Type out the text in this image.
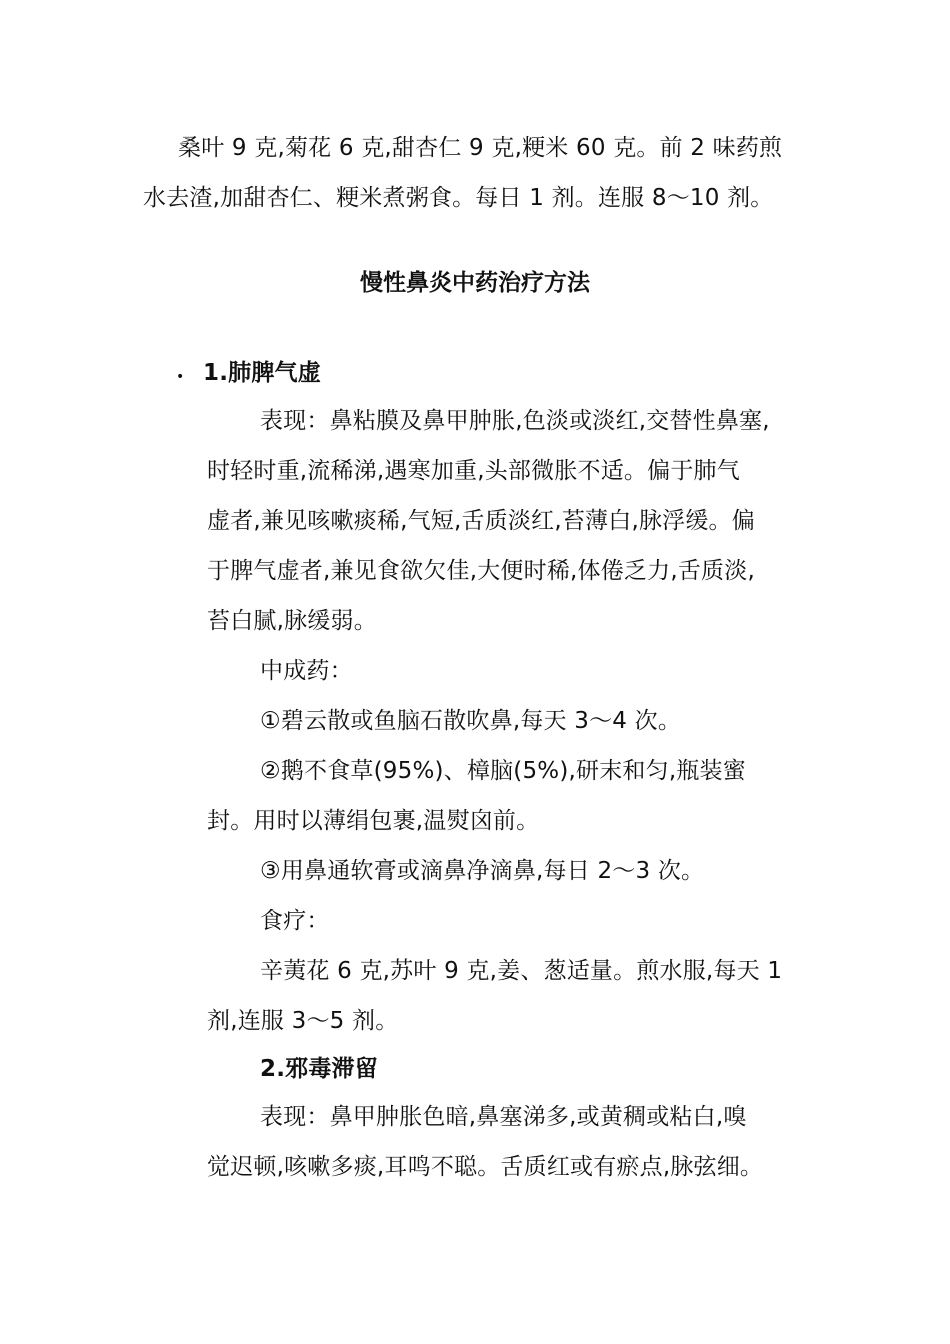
桑叶 9 克,菊花 6 克,甜杏仁 9 克,粳米 60 克。前 2 味药煎
水去渣,加甜杏仁、粳米煮粥食。每日 1 剂。连服 8～10 剂。
慢性鼻炎中药治疗方法
• 1.肺脾气虚
表现：鼻粘膜及鼻甲肿胀,色淡或淡红,交替性鼻塞,
时轻时重,流稀涕,遇寒加重,头部微胀不适。偏于肺气
虚者,兼见咳嗽痰稀,气短,舌质淡红,苔薄白,脉浮缓。偏
于脾气虚者,兼见食欲欠佳,大便时稀,体倦乏力,舌质淡,
苔白腻,脉缓弱。
中成药：
①碧云散或鱼脑石散吹鼻,每天 3～4 次。
②鹅不食草(95%)、樟脑(5%),研末和匀,瓶装蜜
封。用时以薄绢包裹,温熨囟前。
③用鼻通软膏或滴鼻净滴鼻,每日 2～3 次。
食疗：
辛荑花 6 克,苏叶 9 克,姜、葱适量。煎水服,每天 1
剂,连服 3～5 剂。
2.邪毒滞留
表现：鼻甲肿胀色暗,鼻塞涕多,或黄稠或粘白,嗅
觉迟顿,咳嗽多痰,耳鸣不聪。舌质红或有瘀点,脉弦细。
